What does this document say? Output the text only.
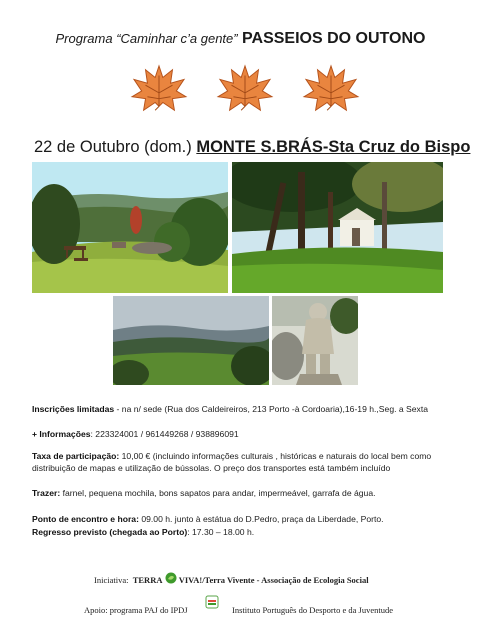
Programa “Caminhar c’a gente” PASSEIOS DO OUTONO
22 de Outubro (dom.) MONTE S.BRÁS-Sta Cruz do Bispo
Inscrições limitadas - na n/ sede (Rua dos Caldeireiros, 213 Porto -à Cordoaria),16-19 h.,Seg. a Sexta
+ Informações: 223324001 / 961449268 / 938896091
Taxa de participação: 10,00 € (incluindo informações culturais , históricas e naturais do local bem como distribuição de mapas e utilização de bússolas. O preço dos transportes está também incluído
Trazer: farnel, pequena mochila, bons sapatos para andar, impermeável, garrafa de água.
Ponto de encontro e hora: 09.00 h. junto à estátua do D.Pedro, praça da Liberdade, Porto.
Regresso previsto (chegada ao Porto): 17.30 – 18.00 h.
Iniciativa: TERRA VIVA!/Terra Vivente - Associação de Ecologia Social
Apoio: programa PAJ do IPDJ	Instituto Português do Desporto e da Juventude
